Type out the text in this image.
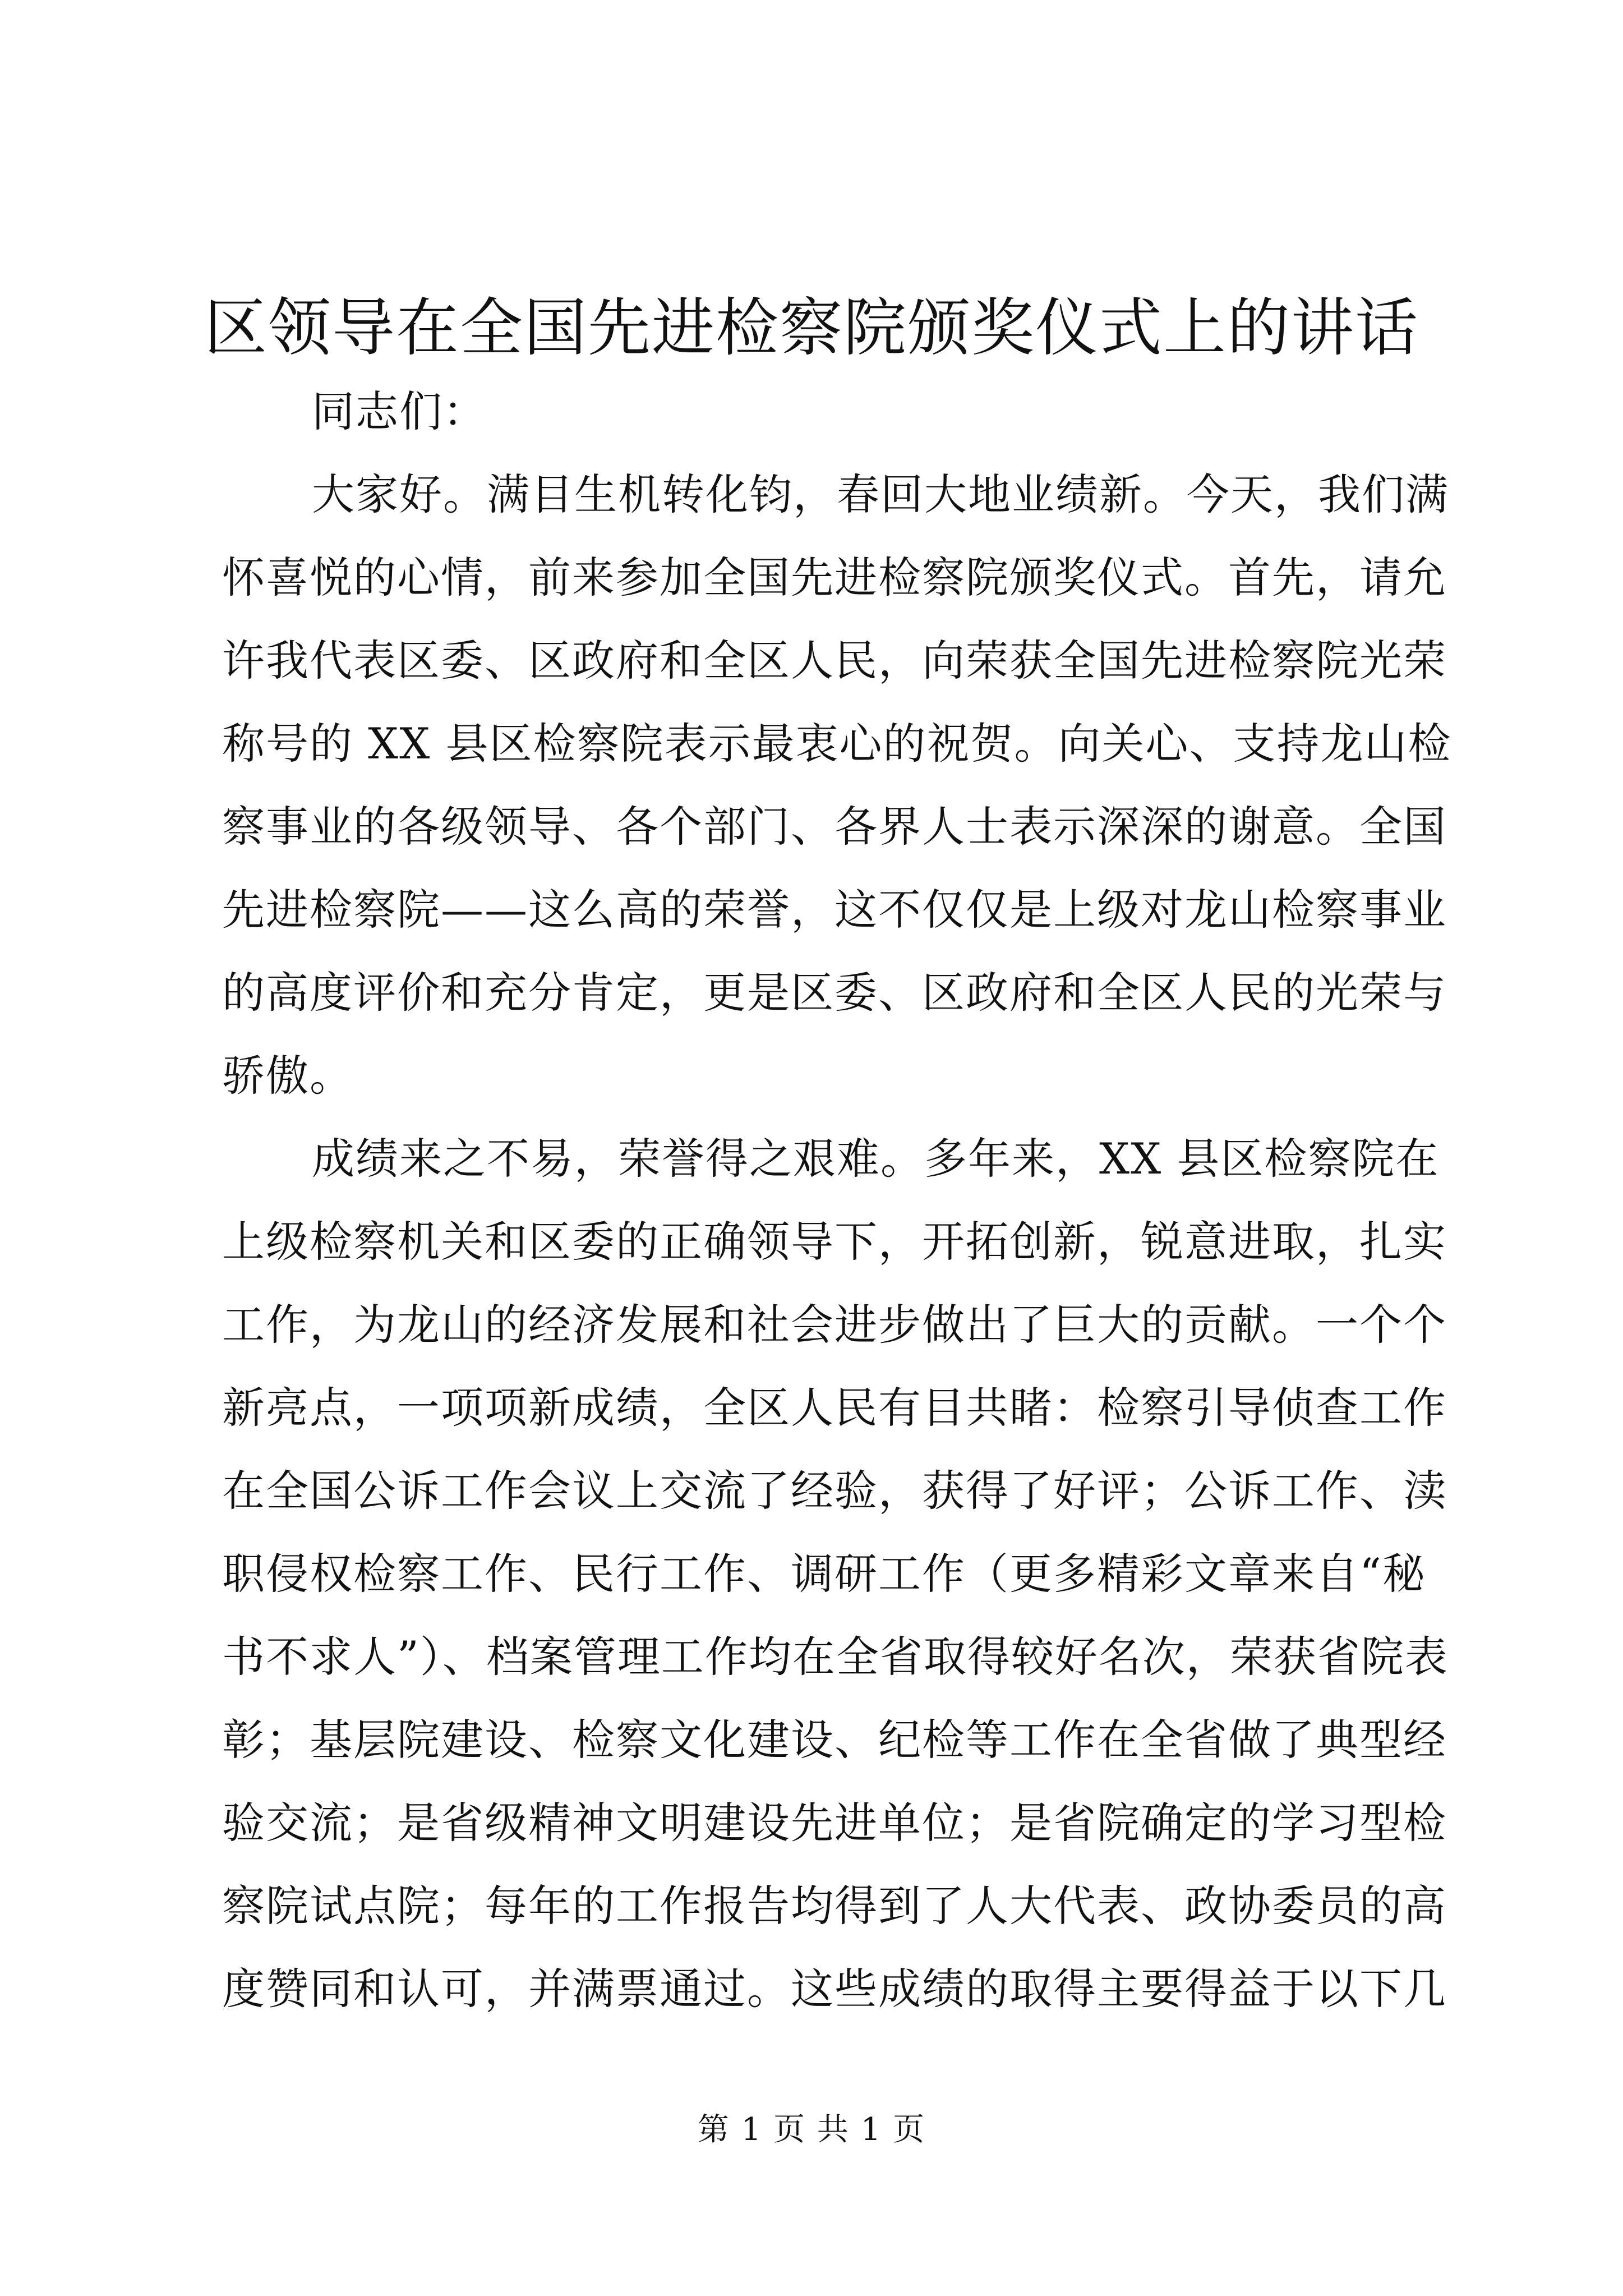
区领导在全国先进检察院颁奖仪式上的讲话
同志们：
大家好。满目生机转化钧，春回大地业绩新。今天，我们满
怀喜悦的心情，前来参加全国先进检察院颁奖仪式。首先，请允
许我代表区委、区政府和全区人民，向荣获全国先进检察院光荣
称号的 XX 县区检察院表示最衷心的祝贺。向关心、支持龙山检
察事业的各级领导、各个部门、各界人士表示深深的谢意。全国
先进检察院——这么高的荣誉，这不仅仅是上级对龙山检察事业
的高度评价和充分肯定，更是区委、区政府和全区人民的光荣与
骄傲。
成绩来之不易，荣誉得之艰难。多年来，XX 县区检察院在
上级检察机关和区委的正确领导下，开拓创新，锐意进取，扎实
工作，为龙山的经济发展和社会进步做出了巨大的贡献。一个个
新亮点，一项项新成绩，全区人民有目共睹：检察引导侦查工作
在全国公诉工作会议上交流了经验，获得了好评；公诉工作、渎
职侵权检察工作、民行工作、调研工作（更多精彩文章来自“秘
书不求人”）、档案管理工作均在全省取得较好名次，荣获省院表
彰；基层院建设、检察文化建设、纪检等工作在全省做了典型经
验交流；是省级精神文明建设先进单位；是省院确定的学习型检
察院试点院；每年的工作报告均得到了人大代表、政协委员的高
度赞同和认可，并满票通过。这些成绩的取得主要得益于以下几
第 1 页 共 1 页
